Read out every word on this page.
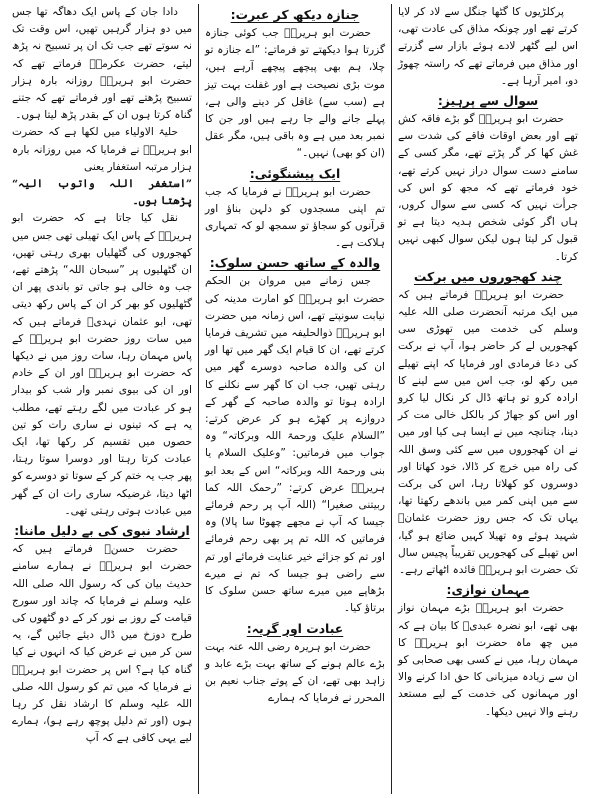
پرکلڑیوں کا گٹھا جنگل سے لاد کر لایا کرتے تھے اور چونکہ مذاق کی عادت تھی، اس لیے گٹھر لادے ہوئے بازار سے گزرتے اور مذاق میں فرماتے تھے کہ راستہ چھوڑ دو، امیر آرہا ہے۔

سوال سے پرہیز:

حضرت ابو ہریرہؓ گو بڑے فاقہ کش تھے اور بعض اوقات فاقے کی شدت سے غش کھا کر گر پڑتے تھے، مگر کسی کے سامنے دست سوال دراز نہیں کرتے تھے، خود فرماتے تھے کہ مجھ کو اس کی جرأت نہیں کہ کسی سے سوال کروں، ہاں اگر کوئی شخص ہدیہ دیتا ہے تو قبول کر لیتا ہوں لیکن سوال کبھی نہیں کرتا۔

چند کھجوروں میں برکت

حضرت ابو ہریرہؓ فرماتے ہیں کہ میں ایک مرتبہ آنحضرت صلی اللہ علیہ وسلم کی خدمت میں تھوڑی سی کھجوریں لے کر حاضر ہوا، آپ نے برکت کی دعا فرمادی اور فرمایا کہ اپنے تھیلے میں رکھ لو، جب اس میں سے لینے کا ارادہ کرو تو ہاتھ ڈال کر نکال لیا کرو اور اس کو جھاڑ کر بالکل خالی مت کر دینا، چنانچہ میں نے ایسا ہی کیا اور میں نے ان کھجوروں میں سے کئی وسق اللہ کی راہ میں خرچ کر ڈالا، خود کھاتا اور دوسروں کو کھلاتا رہا، اس کی برکت سے میں اپنی کمر میں باندھے رکھتا تھا، یہاں تک کہ جس روز حضرت عثمانؓ شہید ہوئے وہ تھیلا کہیں ضائع ہو گیا، اس تھیلے کی کھجوریں تقریباً پچیس سال تک حضرت ابو ہریرہؓ فائدہ اٹھاتے رہے۔

مہمان نوازی:

حضرت ابو ہریرہؓ بڑے مہمان نواز بھی تھے، ابو نضرہ عبدیؓ کا بیان ہے کہ میں چھ ماہ حضرت ابو ہریرہؓ کا مہمان رہا، میں نے کسی بھی صحابی کو ان سے زیادہ میزبانی کا حق ادا کرنے والا اور مہمانوں کی خدمت کے لیے مستعد رہنے والا نہیں دیکھا۔

جنازہ دیکھ کر عبرت:

حضرت ابو ہریرہؓ جب کوئی جنازہ گزرتا ہوا دیکھتے تو فرماتے: ”اے جنازہ تو چلا، ہم بھی پیچھے پیچھے آرہے ہیں، موت بڑی نصیحت ہے اور غفلت بہت تیز ہے (سب سے) غافل کر دینے والی ہے، پہلے جانے والے جا رہے ہیں اور جن کا نمبر بعد میں ہے وہ باقی ہیں، مگر عقل (ان کو بھی) نہیں۔“

ایک پیشنگوئی:

حضرت ابو ہریرہؓ نے فرمایا کہ جب تم اپنی مسجدوں کو دلہن بناؤ اور قرآنوں کو سجاؤ تو سمجھ لو کہ تمہاری ہلاکت ہے۔

والدہ کے ساتھ حسن سلوک:

جس زمانے میں مروان بن الحکم حضرت ابو ہریرہؓ کو امارت مدینہ کی نیابت سونپتے تھے، اس زمانہ میں حضرت ابو ہریرہؓ ذوالحلیفہ میں تشریف فرمایا کرتے تھے، ان کا قیام ایک گھر میں تھا اور ان کی والدہ صاحبہ دوسرے گھر میں رہتی تھیں، جب ان کا گھر سے نکلنے کا ارادہ ہوتا تو والدہ صاحبہ کے گھر کے دروازے پر کھڑے ہو کر عرض کرتے: ”السلام علیک ورحمۃ اللہ وبرکاتہ“ وہ جواب میں فرماتیں: ”وعلیک السلام یا بنی ورحمۃ اللہ وبرکاتہ“ اس کے بعد ابو ہریرہؓ عرض کرتے: ”رحمک اللہ کما ربیتنی صغیرا“ (اللہ آپ پر رحم فرمائے جیسا کہ آپ نے مجھے چھوٹا سا پالا) وہ فرماتیں کہ اللہ تم پر بھی رحم فرمائے اور تم کو جزائے خیر عنایت فرمائے اور تم سے راضی ہو جیسا کہ تم نے میرے بڑھاپے میں میرے ساتھ حسن سلوک کا برتاؤ کیا۔

عبادت اور گریہ:

حضرت ابو ہریرہ رضی اللہ عنہ بہت بڑے عالم ہونے کے ساتھ بہت بڑے عابد و زاہد بھی تھے، ان کے پوتے جناب نعیم بن المحرر نے فرمایا کہ ہمارے

دادا جان کے پاس ایک دھاگہ تھا جس میں دو ہزار گرہیں تھیں، اس وقت تک نہ سوتے تھے جب تک ان پر تسبیح نہ پڑھ لیتے، حضرت عکرمہؓ فرماتے تھے کہ حضرت ابو ہریرہؓ روزانہ بارہ ہزار تسبیح پڑھتے تھے اور فرماتے تھے کہ جتنے گناہ کرتا ہوں ان کے بقدر پڑھ لیتا ہوں۔

حلیۃ الاولیاء میں لکھا ہے کہ حضرت ابو ہریرہؓ نے فرمایا کہ میں روزانہ بارہ ہزار مرتبہ استغفار یعنی

”استغفر اللہ واتوب الیہ“ پڑھتا ہوں۔

نقل کیا جاتا ہے کہ حضرت ابو ہریرہؓ کے پاس ایک تھیلی تھی جس میں کھجوروں کی گٹھلیاں بھری رہتی تھیں، ان گٹھلیوں پر ”سبحان اللہ“ پڑھتے تھے، جب وہ خالی ہو جاتی تو باندی پھر ان گٹھلیوں کو بھر کر ان کے پاس رکھ دیتی تھی، ابو عثمان نہدیؒ فرماتے ہیں کہ میں سات روز حضرت ابو ہریرہؓ کے پاس مہمان رہا، سات روز میں نے دیکھا کہ حضرت ابو ہریرہؓ اور ان کے خادم اور ان کی بیوی نمبر وار شب کو بیدار ہو کر عبادت میں لگے رہتے تھے، مطلب یہ ہے کہ تینوں نے ساری رات کو تین حصوں میں تقسیم کر رکھا تھا، ایک عبادت کرتا رہتا اور دوسرا سوتا رہتا، پھر جب یہ ختم کر کے سوتا تو دوسرے کو اٹھا دیتا، غرضیکہ ساری رات ان کے گھر میں عبادت ہوتی رہتی تھی۔

ارشاد نبوی کی بے دلیل ماننا:

حضرت حسنؓ فرماتے ہیں کہ حضرت ابو ہریرہؓ نے ہمارے سامنے حدیث بیان کی کہ رسول اللہ صلی اللہ علیہ وسلم نے فرمایا کہ چاند اور سورج قیامت کے روز بے نور کر کے دو گٹھوں کی طرح دوزخ میں ڈال دیئے جائیں گے، یہ سن کر میں نے عرض کیا کہ انہوں نے کیا گناہ کیا ہے؟ اس پر حضرت ابو ہریرہؓ نے فرمایا کہ میں تم کو رسول اللہ صلی اللہ علیہ وسلم کا ارشاد نقل کر رہا ہوں (اور تم دلیل پوچھ رہے ہو)، ہمارے لیے یہی کافی ہے کہ آپ
